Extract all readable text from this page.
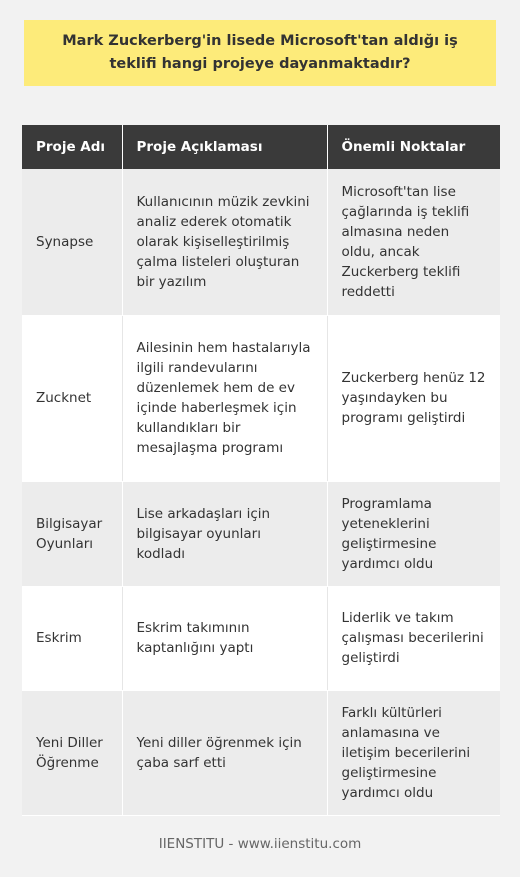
Mark Zuckerberg'in lisede Microsoft'tan aldığı iş teklifi hangi projeye dayanmaktadır?
Proje Adı	Proje Açıklaması	Önemli Noktalar
Synapse	Kullanıcının müzik zevkini analiz ederek otomatik olarak kişiselleştirilmiş çalma listeleri oluşturan bir yazılım	Microsoft'tan lise çağlarında iş teklifi almasına neden oldu, ancak Zuckerberg teklifi reddetti
Zucknet	Ailesinin hem hastalarıyla ilgili randevularını düzenlemek hem de ev içinde haberleşmek için kullandıkları bir mesajlaşma programı	Zuckerberg henüz 12 yaşındayken bu programı geliştirdi
Bilgisayar Oyunları	Lise arkadaşları için bilgisayar oyunları kodladı	Programlama yeteneklerini geliştirmesine yardımcı oldu
Eskrim	Eskrim takımının kaptanlığını yaptı	Liderlik ve takım çalışması becerilerini geliştirdi
Yeni Diller Öğrenme	Yeni diller öğrenmek için çaba sarf etti	Farklı kültürleri anlamasına ve iletişim becerilerini geliştirmesine yardımcı oldu
IIENSTITU - www.iienstitu.com
